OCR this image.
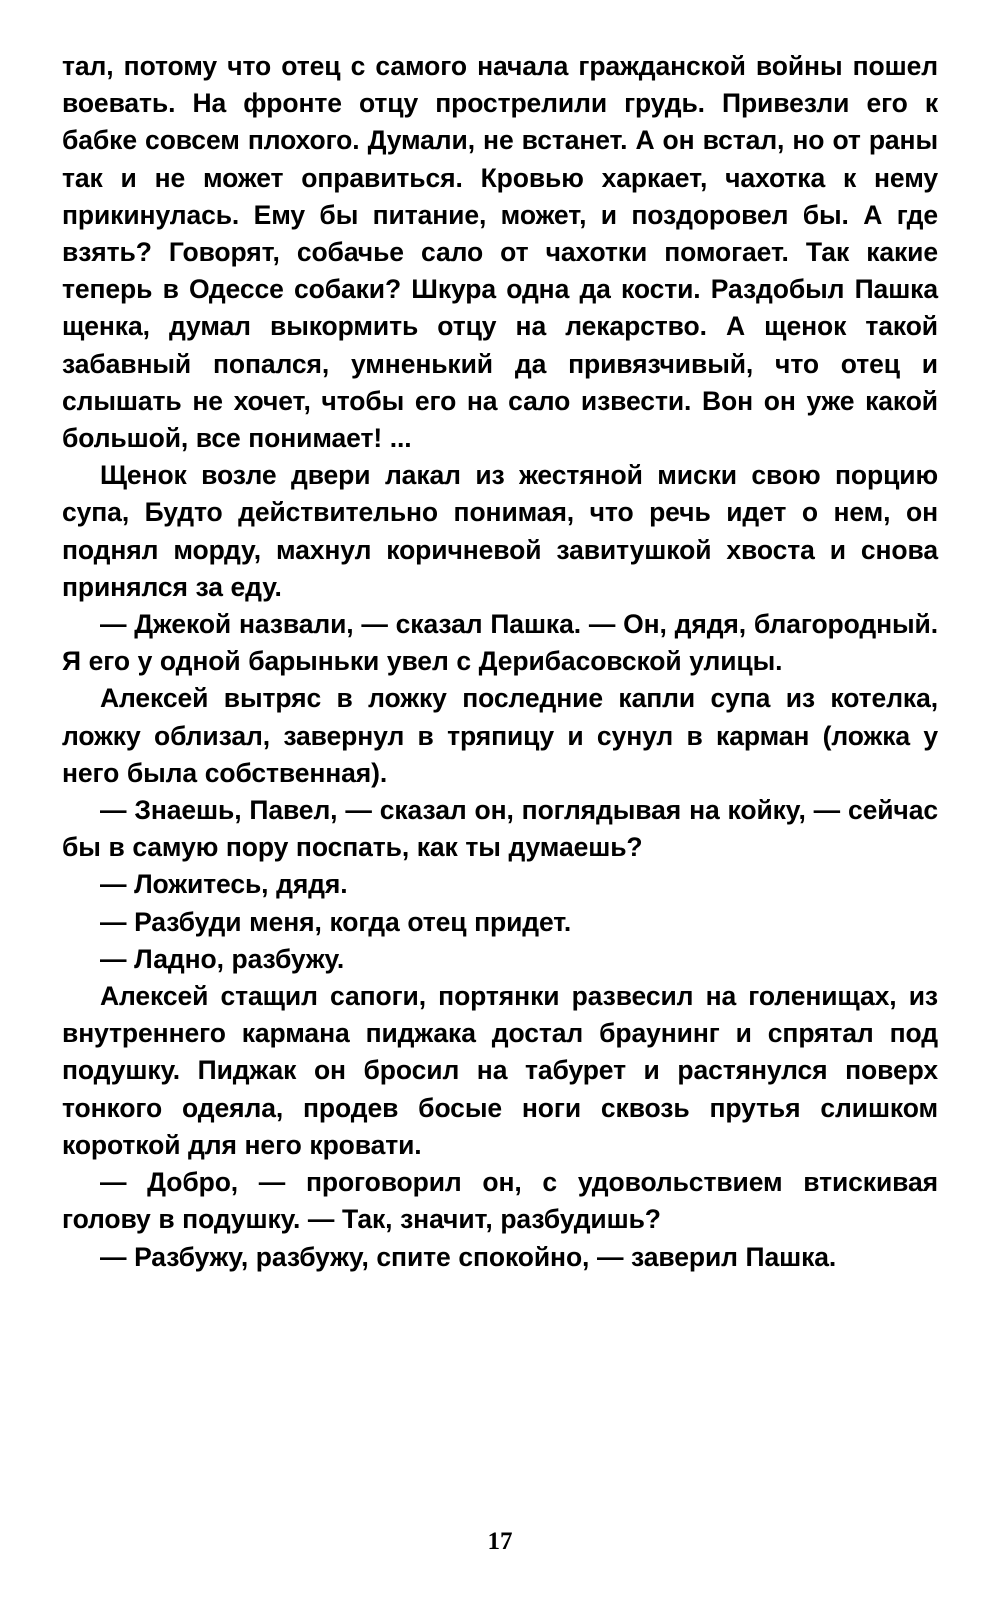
тал, потому что отец с самого начала гражданской войны пошел воевать. На фронте отцу прострелили грудь. Привезли его к бабке совсем плохого. Думали, не встанет. А он встал, но от раны так и не может оправиться. Кровью харкает, чахотка к нему прикинулась. Ему бы питание, может, и поздоровел бы. А где взять? Говорят, собачье сало от чахотки помогает. Так какие теперь в Одессе собаки? Шкура одна да кости. Раздобыл Пашка щенка, думал выкормить отцу на лекарство. А щенок такой забавный попался, умненький да привязчивый, что отец и слышать не хочет, чтобы его на сало извести. Вон он уже какой большой, все понимает! ...

Щенок возле двери лакал из жестяной миски свою порцию супа, Будто действительно понимая, что речь идет о нем, он поднял морду, махнул коричневой завитушкой хвоста и снова принялся за еду.

— Джекой назвали, — сказал Пашка. — Он, дядя, благородный. Я его у одной барыньки увел с Дерибасовской улицы.

Алексей вытряс в ложку последние капли супа из котелка, ложку облизал, завернул в тряпицу и сунул в карман (ложка у него была собственная).

— Знаешь, Павел, — сказал он, поглядывая на койку, — сейчас бы в самую пору поспать, как ты думаешь?

— Ложитесь, дядя.

— Разбуди меня, когда отец придет.

— Ладно, разбужу.

Алексей стащил сапоги, портянки развесил на голенищах, из внутреннего кармана пиджака достал браунинг и спрятал под подушку. Пиджак он бросил на табурет и растянулся поверх тонкого одеяла, продев босые ноги сквозь прутья слишком короткой для него кровати.

— Добро, — проговорил он, с удовольствием втискивая голову в подушку. — Так, значит, разбудишь?

— Разбужу, разбужу, спите спокойно, — заверил Пашка.

17
